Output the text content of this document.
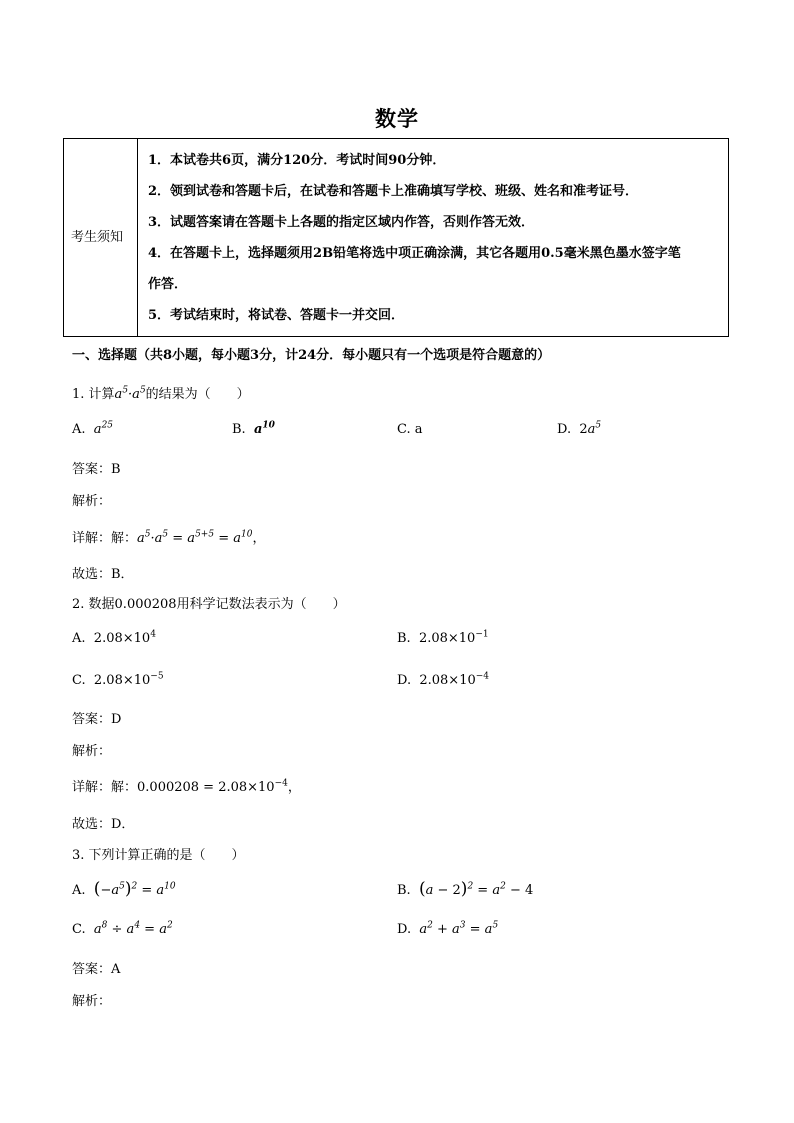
数学
考生须知

1．本试卷共6页，满分120分．考试时间90分钟．
2．领到试卷和答题卡后，在试卷和答题卡上准确填写学校、班级、姓名和准考证号．
3．试题答案请在答题卡上各题的指定区域内作答，否则作答无效．
4．在答题卡上，选择题须用2B铅笔将选中项正确涂满，其它各题用0.5毫米黑色墨水签字笔
作答．
5．考试结束时，将试卷、答题卡一并交回．
一、选择题（共8小题，每小题3分，计24分．每小题只有一个选项是符合题意的）
1. 计算$a^5\cdot a^5$的结果为（　　）
A. $a^{25}$	B. $a^{10}$	C. a	D. $2a^5$
答案：B
解析：
详解：解：$a^5\cdot a^5 = a^{5+5} = a^{10}$，
故选：B．
2. 数据0.000208用科学记数法表示为（　　）
A. $2.08\times 10^4$	B. $2.08\times 10^{-1}$
C. $2.08\times 10^{-5}$	D. $2.08\times 10^{-4}$
答案：D
解析：
详解：解：$0.000208 = 2.08\times 10^{-4}$，
故选：D．
3. 下列计算正确的是（　　）
A. $(-a^5)^2 = a^{10}$	B. $(a - 2)^2 = a^2 - 4$
C. $a^8 \div a^4 = a^2$	D. $a^2 + a^3 = a^5$
答案：A
解析：
